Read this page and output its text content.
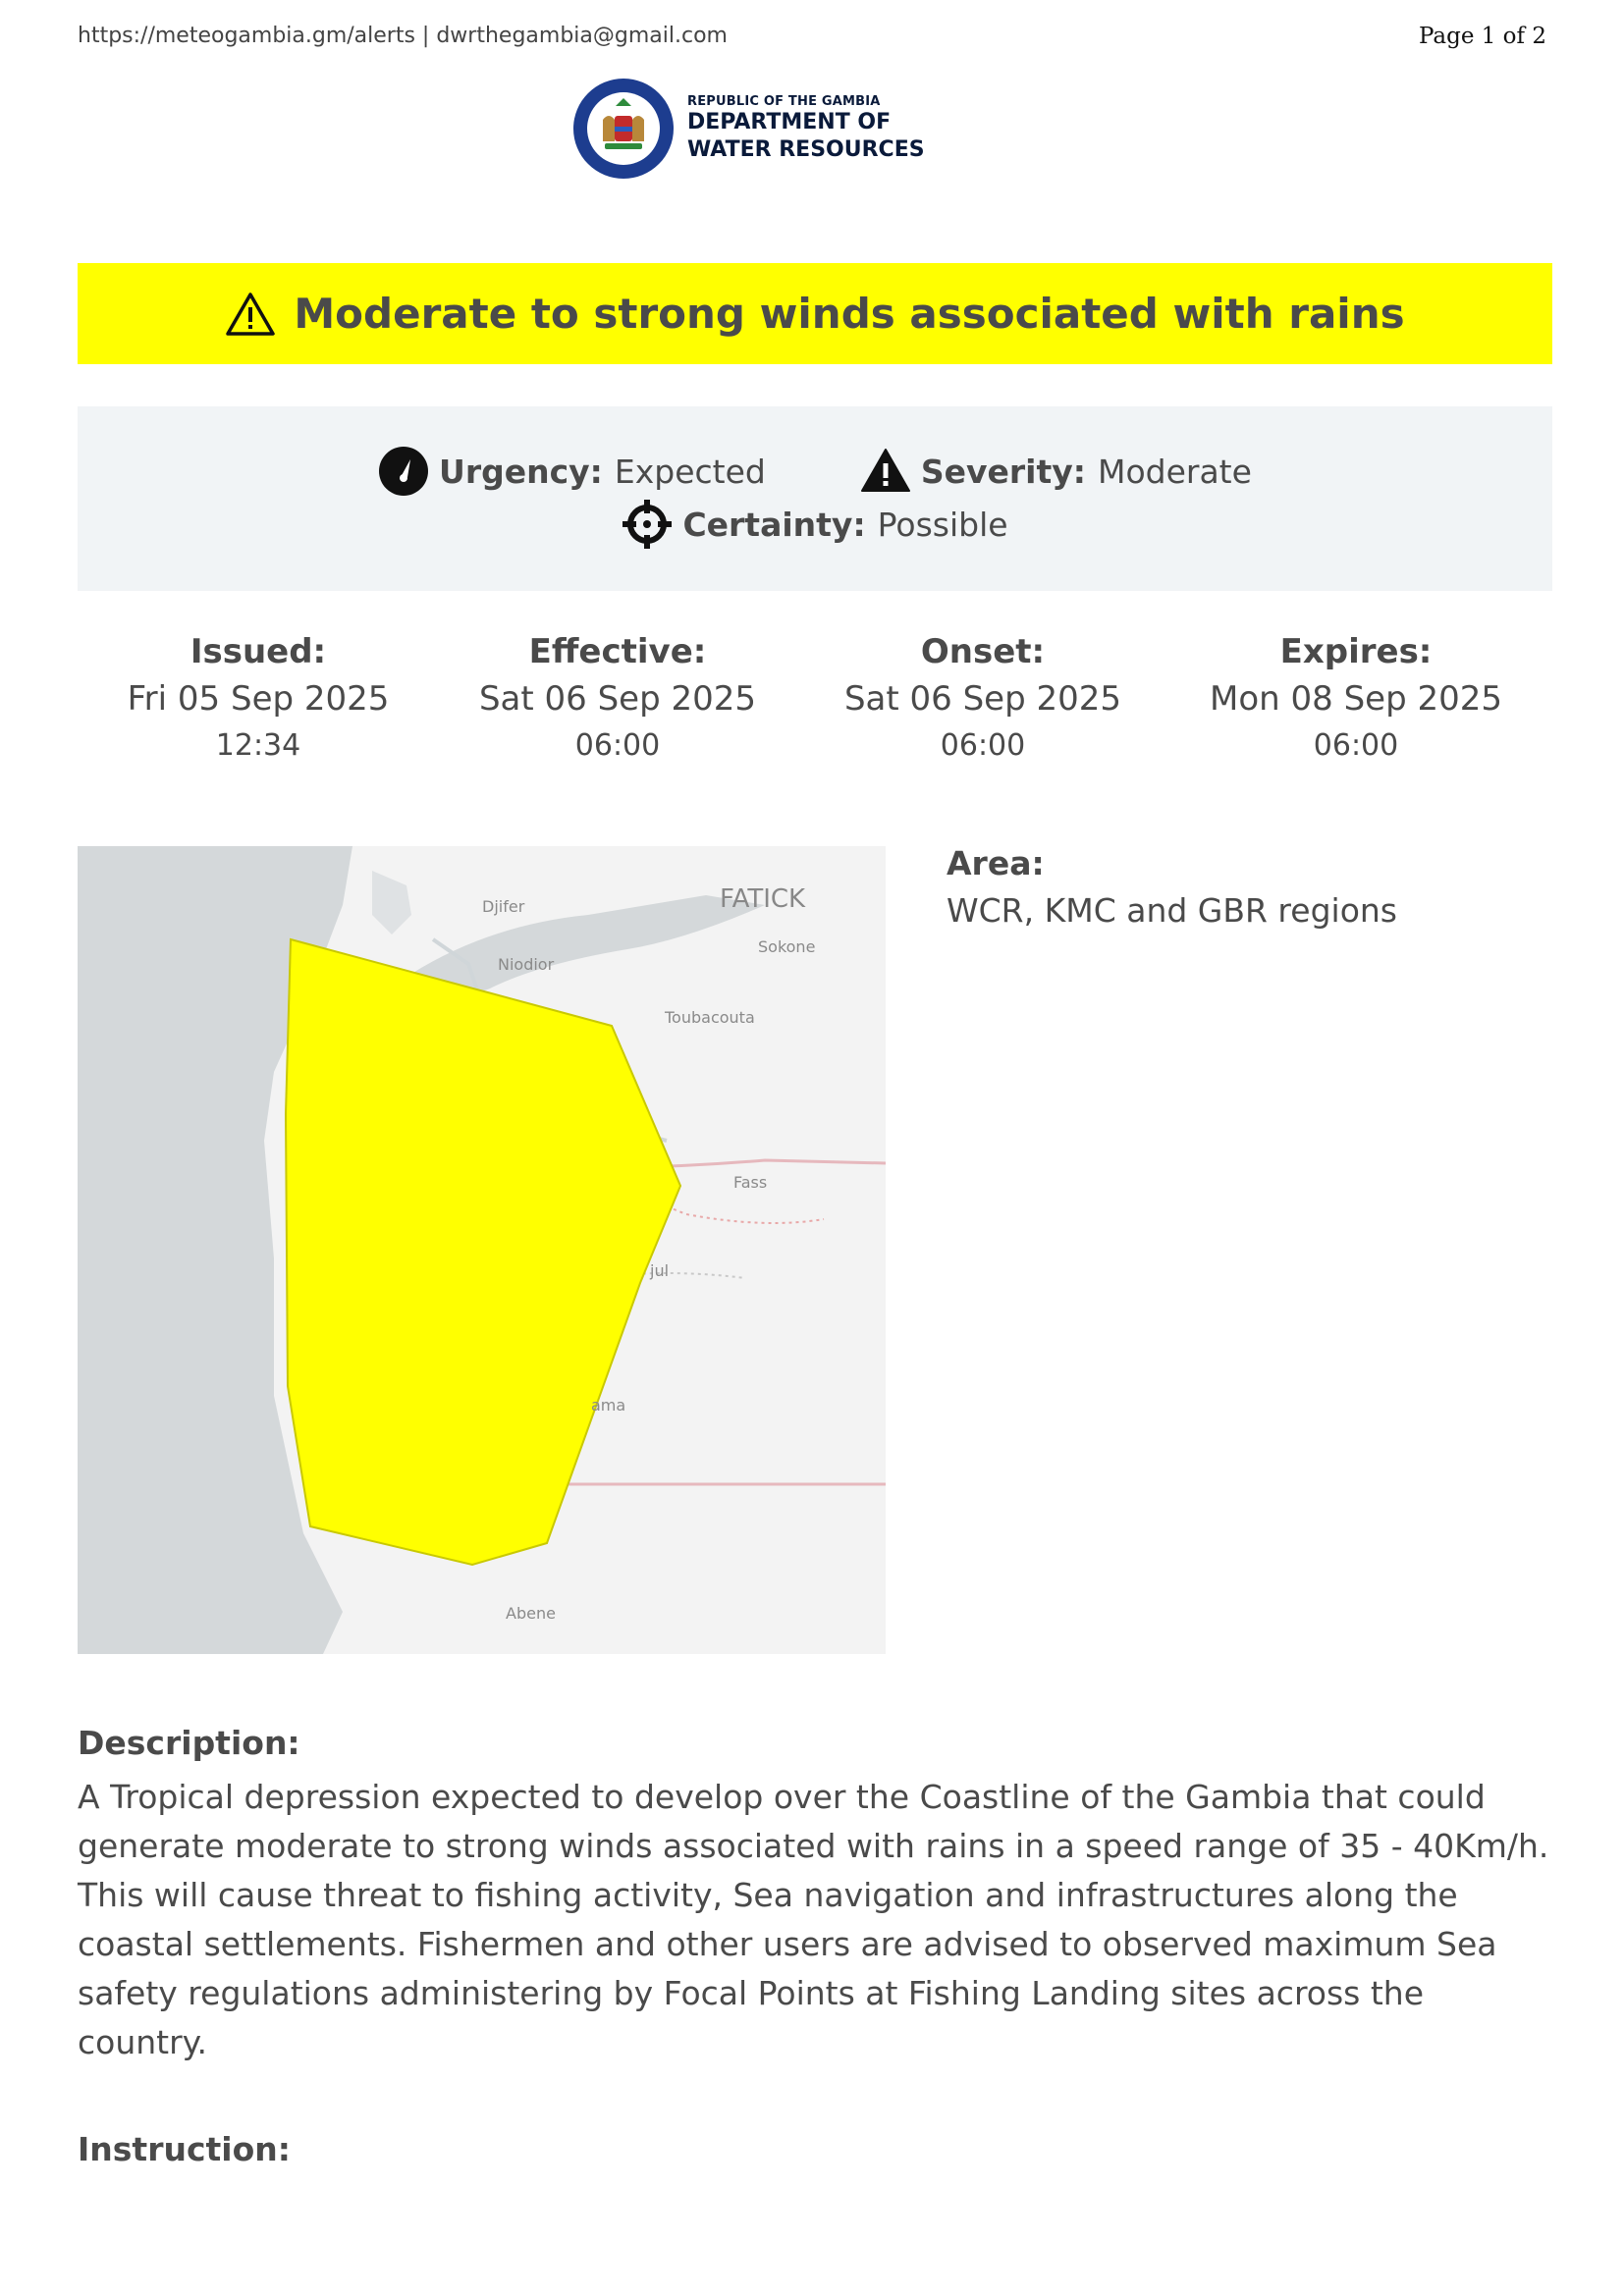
https://meteogambia.gm/alerts | dwrthegambia@gmail.com	Page 1 of 2
REPUBLIC OF THE GAMBIA
DEPARTMENT OF
WATER RESOURCES
Moderate to strong winds associated with rains
Urgency: Expected	Severity: Moderate
Certainty: Possible
Issued:
Fri 05 Sep 2025
12:34
Effective:
Sat 06 Sep 2025
06:00
Onset:
Sat 06 Sep 2025
06:00
Expires:
Mon 08 Sep 2025
06:00
FATICK
Djifer
Sokone
Niodior
Toubacouta
Fass
jul
ama
Abene
Area:
WCR, KMC and GBR regions
Description:
A Tropical depression expected to develop over the Coastline of the Gambia that could generate moderate to strong winds associated with rains in a speed range of 35 - 40Km/h. This will cause threat to fishing activity, Sea navigation and infrastructures along the coastal settlements. Fishermen and other users are advised to observed maximum Sea safety regulations administering by Focal Points at Fishing Landing sites across the country.
Instruction:
